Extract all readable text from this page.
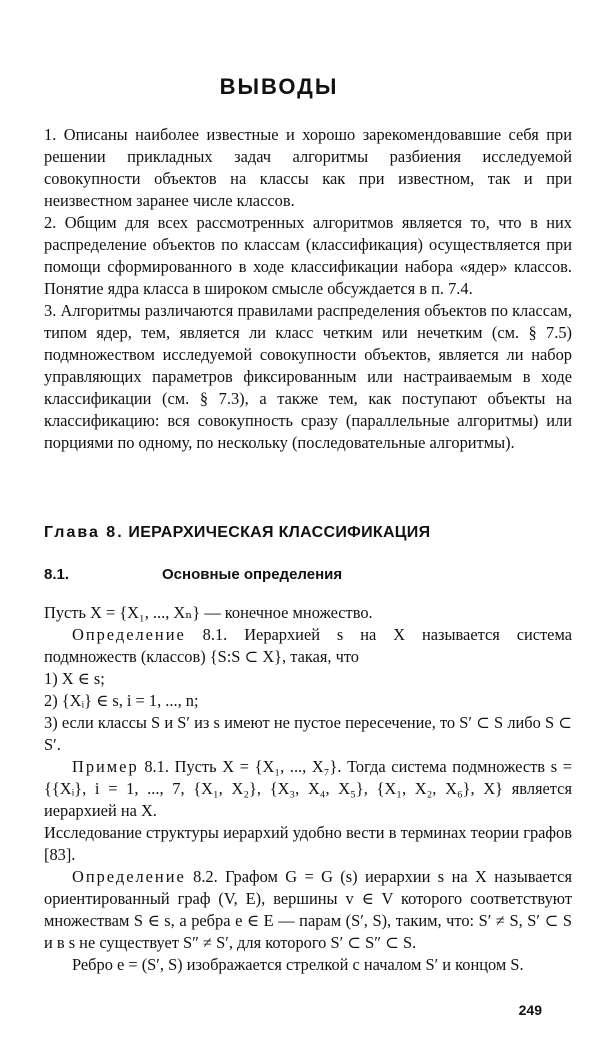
ВЫВОДЫ

1. Описаны наиболее известные и хорошо зарекомендовавшие себя при решении прикладных задач алгоритмы разбиения исследуемой совокупности объектов на классы как при известном, так и при неизвестном заранее числе классов.

2. Общим для всех рассмотренных алгоритмов является то, что в них распределение объектов по классам (классификация) осуществляется при помощи сформированного в ходе классификации набора «ядер» классов. Понятие ядра класса в широком смысле обсуждается в п. 7.4.

3. Алгоритмы различаются правилами распределения объектов по классам, типом ядер, тем, является ли класс четким или нечетким (см. § 7.5) подмножеством исследуемой совокупности объектов, является ли набор управляющих параметров фиксированным или настраиваемым в ходе классификации (см. § 7.3), а также тем, как поступают объекты на классификацию: вся совокупность сразу (параллельные алгоритмы) или порциями по одному, по нескольку (последовательные алгоритмы).

Глава 8. ИЕРАРХИЧЕСКАЯ КЛАССИФИКАЦИЯ
8.1.	Основные определения

Пусть X = {X₁, ..., Xₙ} — конечное множество.

Определение 8.1. Иерархией s на X называется система подмножеств (классов) {S:S ⊂ X}, такая, что

1) X ∈ s;

2) {Xᵢ} ∈ s, i = 1, ..., n;

3) если классы S и S′ из s имеют не пустое пересечение, то S′ ⊂ S либо S ⊂ S′.

Пример 8.1. Пусть X = {X₁, ..., X₇}. Тогда система подмножеств s = {{Xᵢ}, i = 1, ..., 7, {X₁, X₂}, {X₃, X₄, X₅}, {X₁, X₂, X₆}, X} является иерархией на X.

Исследование структуры иерархий удобно вести в терминах теории графов [83].

Определение 8.2. Графом G = G (s) иерархии s на X называется ориентированный граф (V, E), вершины v ∈ V которого соответствуют множествам S ∈ s, а ребра e ∈ E — парам (S′, S), таким, что: S′ ≠ S, S′ ⊂ S и в s не существует S″ ≠ S′, для которого S′ ⊂ S″ ⊂ S.

Ребро e = (S′, S) изображается стрелкой с началом S′ и концом S.

249
